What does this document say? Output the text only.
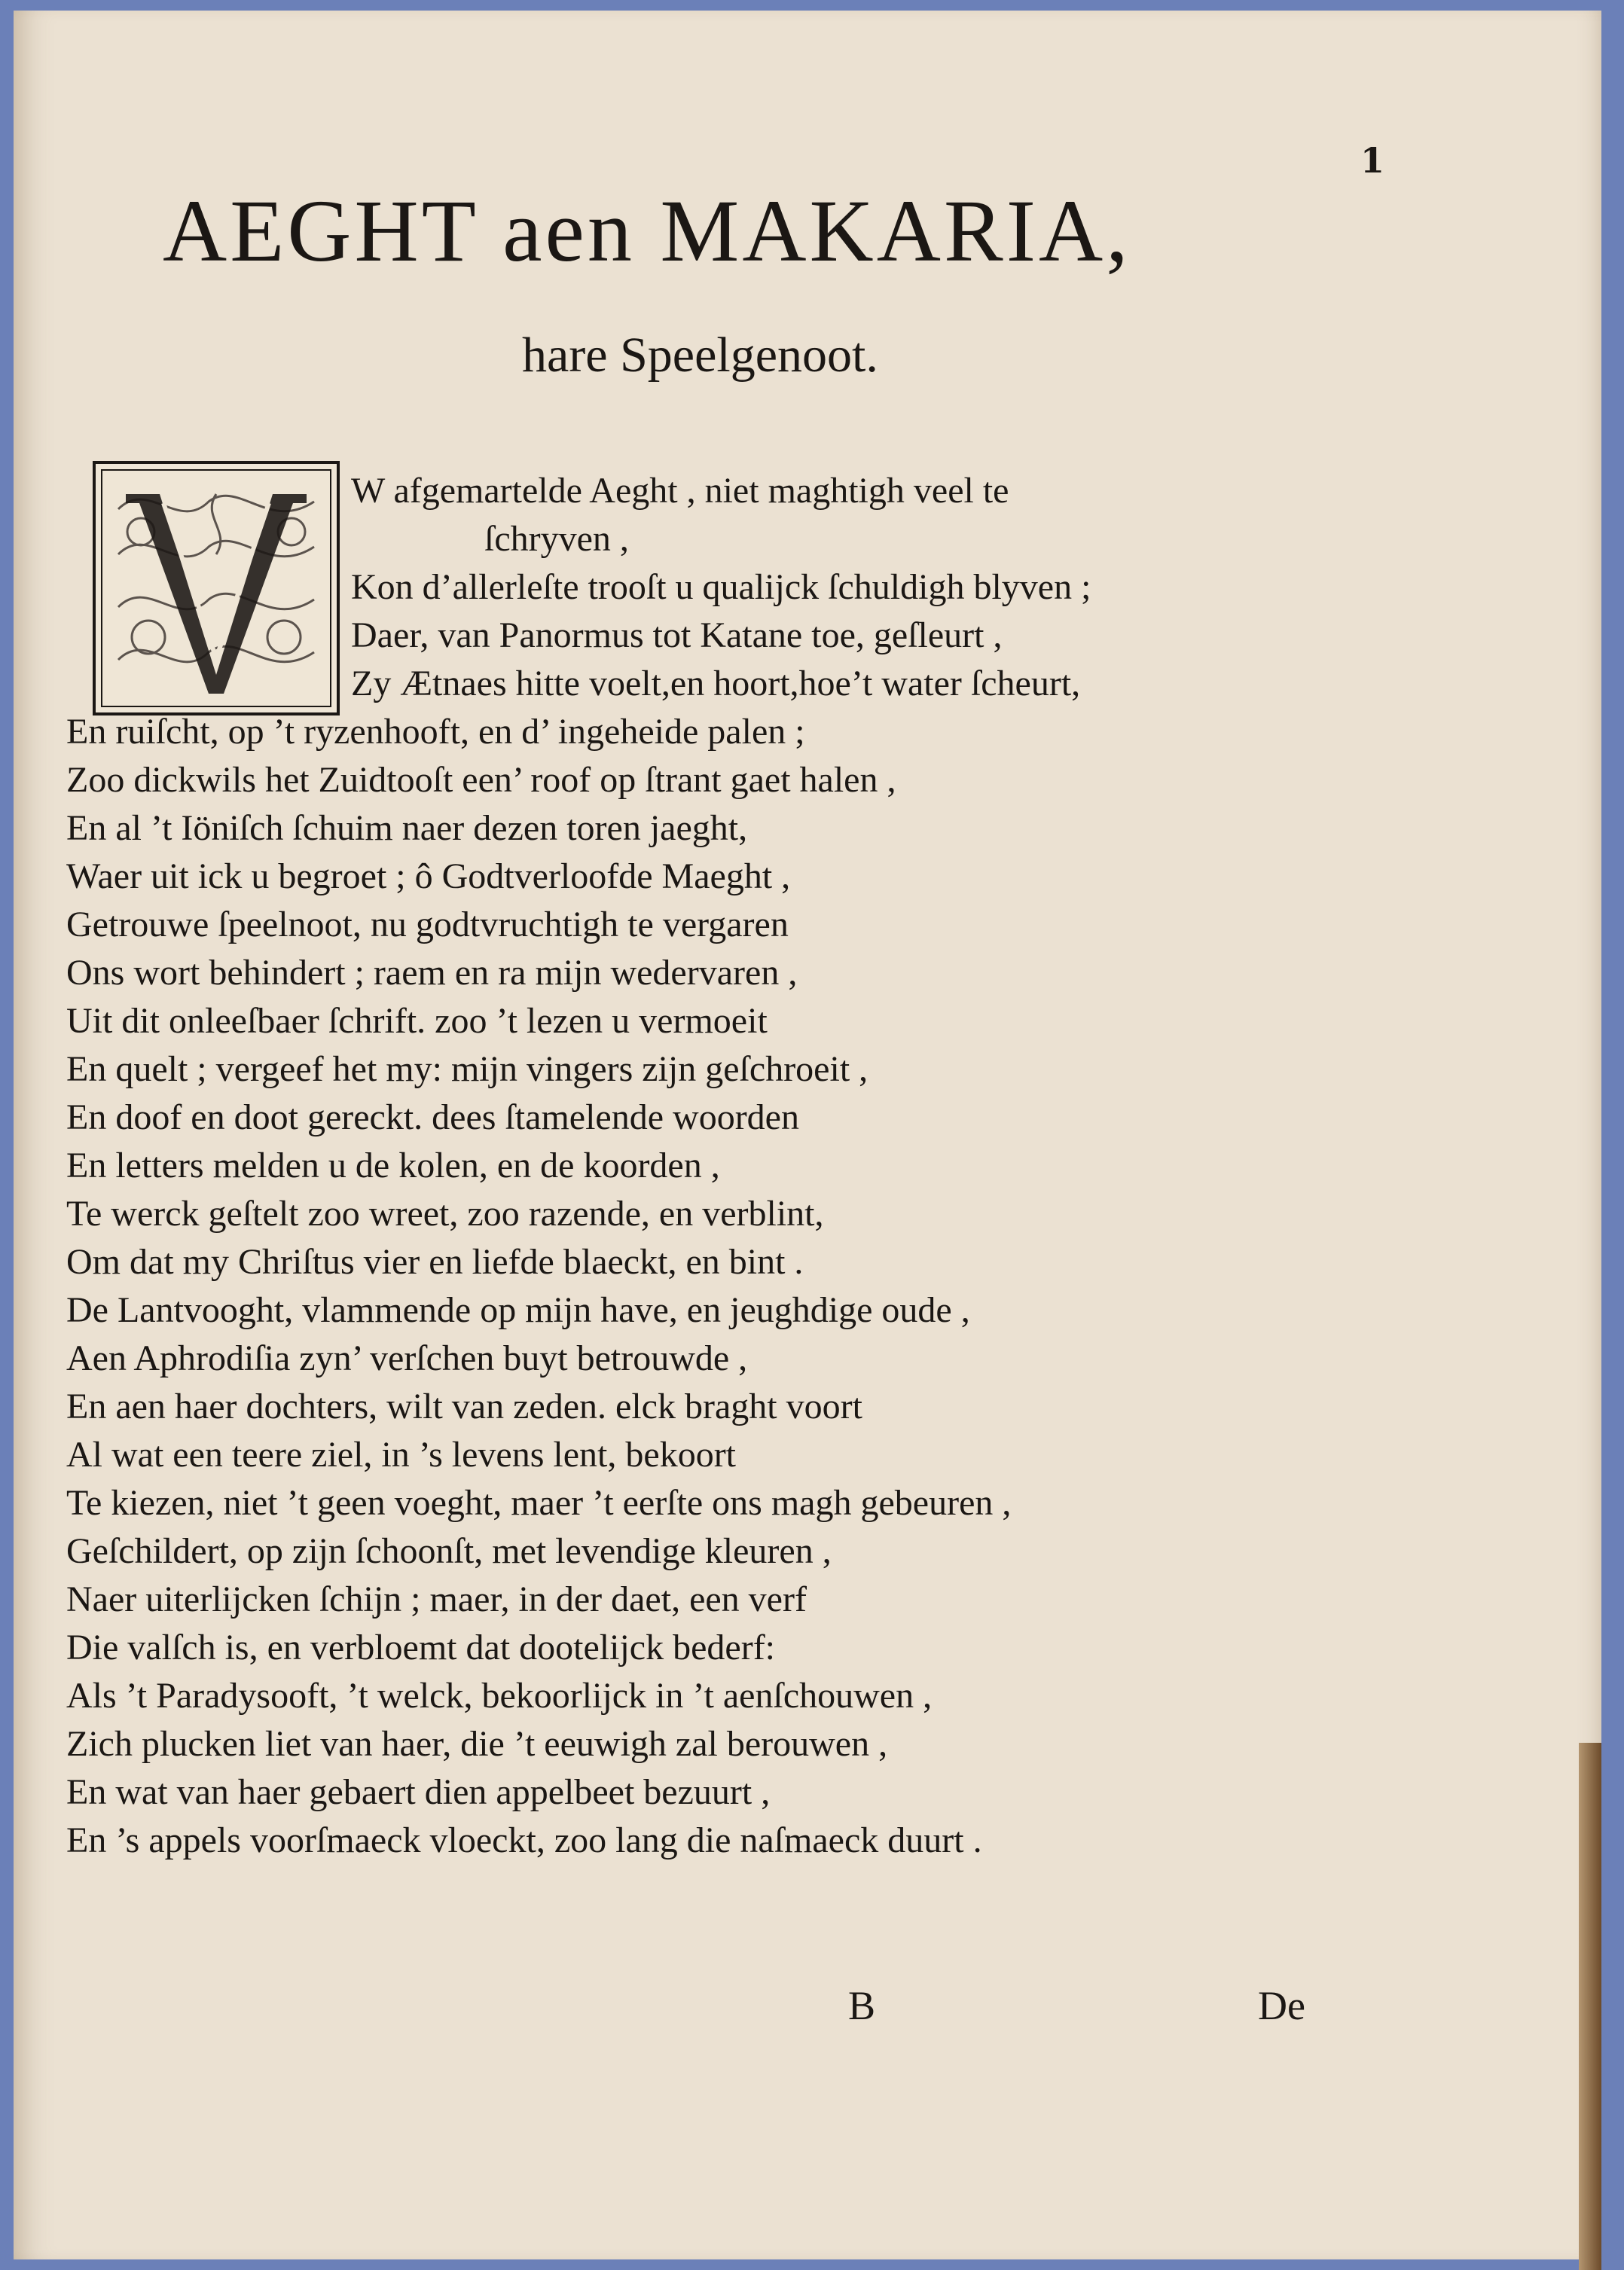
1
AEGHT aen MAKARIA,
hare Speelgenoot.
W afgemartelde Aeght , niet maghtigh veel te
ſchryven ,
Kon d’allerleſte trooſt u qualijck ſchuldigh blyven ;
Daer, van Panormus tot Katane toe, geſleurt ,
Zy Ætnaes hitte voelt,en hoort,hoe’t water ſcheurt,
En ruiſcht, op ’t ryzenhooft, en d’ ingeheide palen ;
Zoo dickwils het Zuidtooſt een’ roof op ſtrant gaet halen ,
En al ’t Iöniſch ſchuim naer dezen toren jaeght,
Waer uit ick u begroet ; ô Godtverloofde Maeght ,
Getrouwe ſpeelnoot, nu godtvruchtigh te vergaren
Ons wort behindert ; raem en ra mijn wedervaren ,
Uit dit onleeſbaer ſchrift. zoo ’t lezen u vermoeit
En quelt ; vergeef het my: mijn vingers zijn geſchroeit ,
En doof en doot gereckt. dees ſtamelende woorden
En letters melden u de kolen, en de koorden ,
Te werck geſtelt zoo wreet, zoo razende, en verblint,
Om dat my Chriſtus vier en liefde blaeckt, en bint .
De Lantvooght, vlammende op mijn have, en jeughdige oude ,
Aen Aphrodiſia zyn’ verſchen buyt betrouwde ,
En aen haer dochters, wilt van zeden. elck braght voort
Al wat een teere ziel, in ’s levens lent, bekoort
Te kiezen, niet ’t geen voeght, maer ’t eerſte ons magh gebeuren ,
Geſchildert, op zijn ſchoonſt, met levendige kleuren ,
Naer uiterlijcken ſchijn ; maer, in der daet, een verf
Die valſch is, en verbloemt dat dootelijck bederf:
Als ’t Paradysooft, ’t welck, bekoorlijck in ’t aenſchouwen ,
Zich plucken liet van haer, die ’t eeuwigh zal berouwen ,
En wat van haer gebaert dien appelbeet bezuurt ,
En ’s appels voorſmaeck vloeckt, zoo lang die naſmaeck duurt .
B	De
